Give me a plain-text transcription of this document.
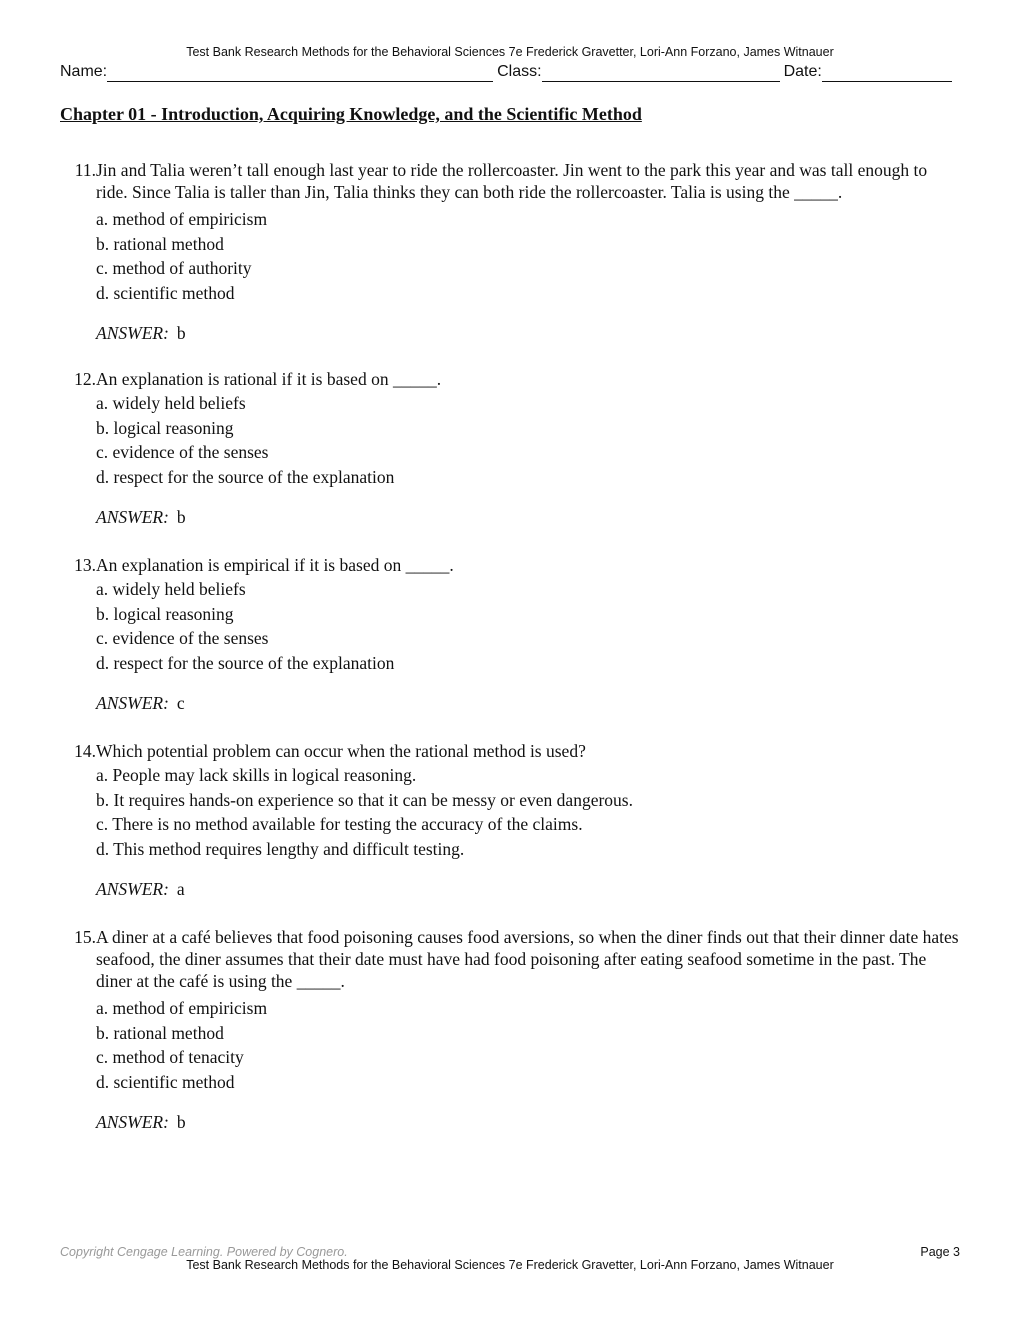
Test Bank Research Methods for the Behavioral Sciences 7e Frederick Gravetter, Lori-Ann Forzano, James Witnauer
Name:	Class:	Date:
Chapter 01 - Introduction, Acquiring Knowledge, and the Scientific Method
11. Jin and Talia weren’t tall enough last year to ride the rollercoaster. Jin went to the park this year and was tall enough to ride. Since Talia is taller than Jin, Talia thinks they can both ride the rollercoaster. Talia is using the _____.
a. method of empiricism
b. rational method
c. method of authority
d. scientific method
ANSWER: b
12. An explanation is rational if it is based on _____.
a. widely held beliefs
b. logical reasoning
c. evidence of the senses
d. respect for the source of the explanation
ANSWER: b
13. An explanation is empirical if it is based on _____.
a. widely held beliefs
b. logical reasoning
c. evidence of the senses
d. respect for the source of the explanation
ANSWER: c
14. Which potential problem can occur when the rational method is used?
a. People may lack skills in logical reasoning.
b. It requires hands-on experience so that it can be messy or even dangerous.
c. There is no method available for testing the accuracy of the claims.
d. This method requires lengthy and difficult testing.
ANSWER: a
15. A diner at a café believes that food poisoning causes food aversions, so when the diner finds out that their dinner date hates seafood, the diner assumes that their date must have had food poisoning after eating seafood sometime in the past. The diner at the café is using the _____.
a. method of empiricism
b. rational method
c. method of tenacity
d. scientific method
ANSWER: b
Copyright Cengage Learning. Powered by Cognero.	Page 3
Test Bank Research Methods for the Behavioral Sciences 7e Frederick Gravetter, Lori-Ann Forzano, James Witnauer
